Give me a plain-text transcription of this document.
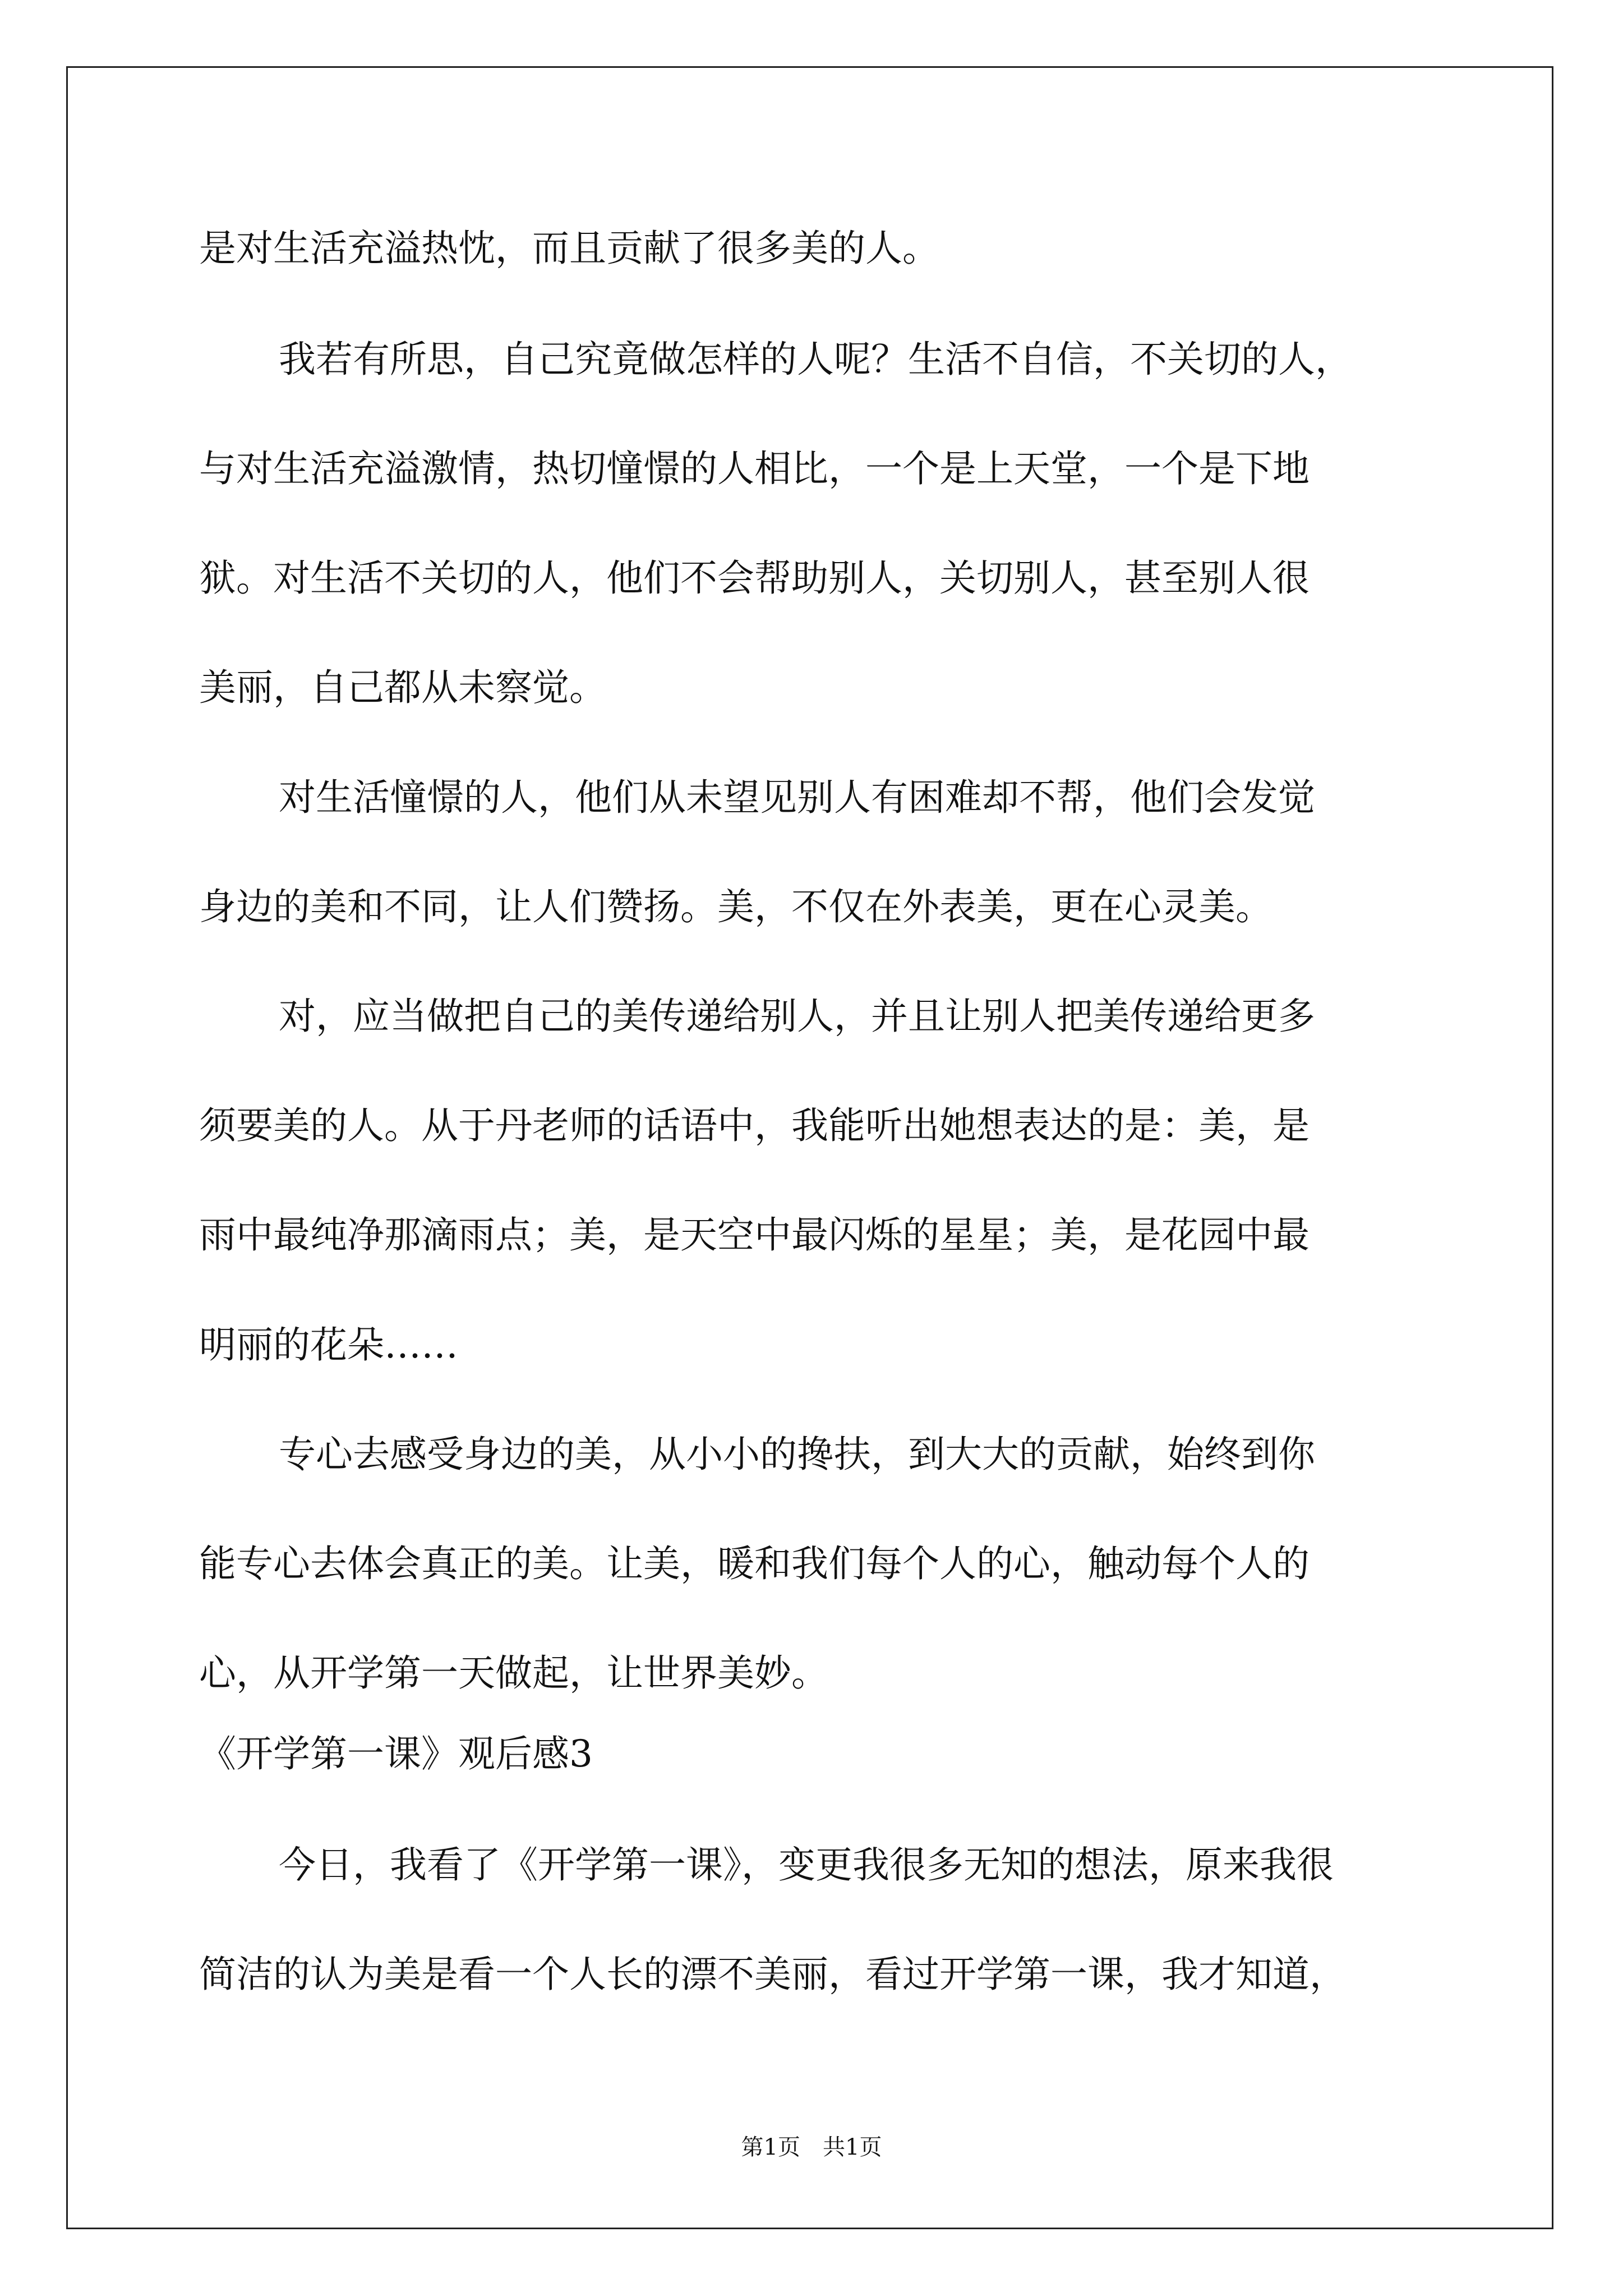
是对生活充溢热忱，而且贡献了很多美的人。
我若有所思，自己究竟做怎样的人呢？生活不自信，不关切的人，
与对生活充溢激情，热切憧憬的人相比，一个是上天堂，一个是下地
狱。对生活不关切的人，他们不会帮助别人，关切别人，甚至别人很
美丽，自己都从未察觉。
对生活憧憬的人，他们从未望见别人有困难却不帮，他们会发觉
身边的美和不同，让人们赞扬。美，不仅在外表美，更在心灵美。
对，应当做把自己的美传递给别人，并且让别人把美传递给更多
须要美的人。从于丹老师的话语中，我能听出她想表达的是：美，是
雨中最纯净那滴雨点；美，是天空中最闪烁的星星；美，是花园中最
明丽的花朵……
专心去感受身边的美，从小小的搀扶，到大大的贡献，始终到你
能专心去体会真正的美。让美，暖和我们每个人的心，触动每个人的
心，从开学第一天做起，让世界美妙。
《开学第一课》观后感3
今日，我看了《开学第一课》，变更我很多无知的想法，原来我很
简洁的认为美是看一个人长的漂不美丽，看过开学第一课，我才知道，
第1页　共1页
